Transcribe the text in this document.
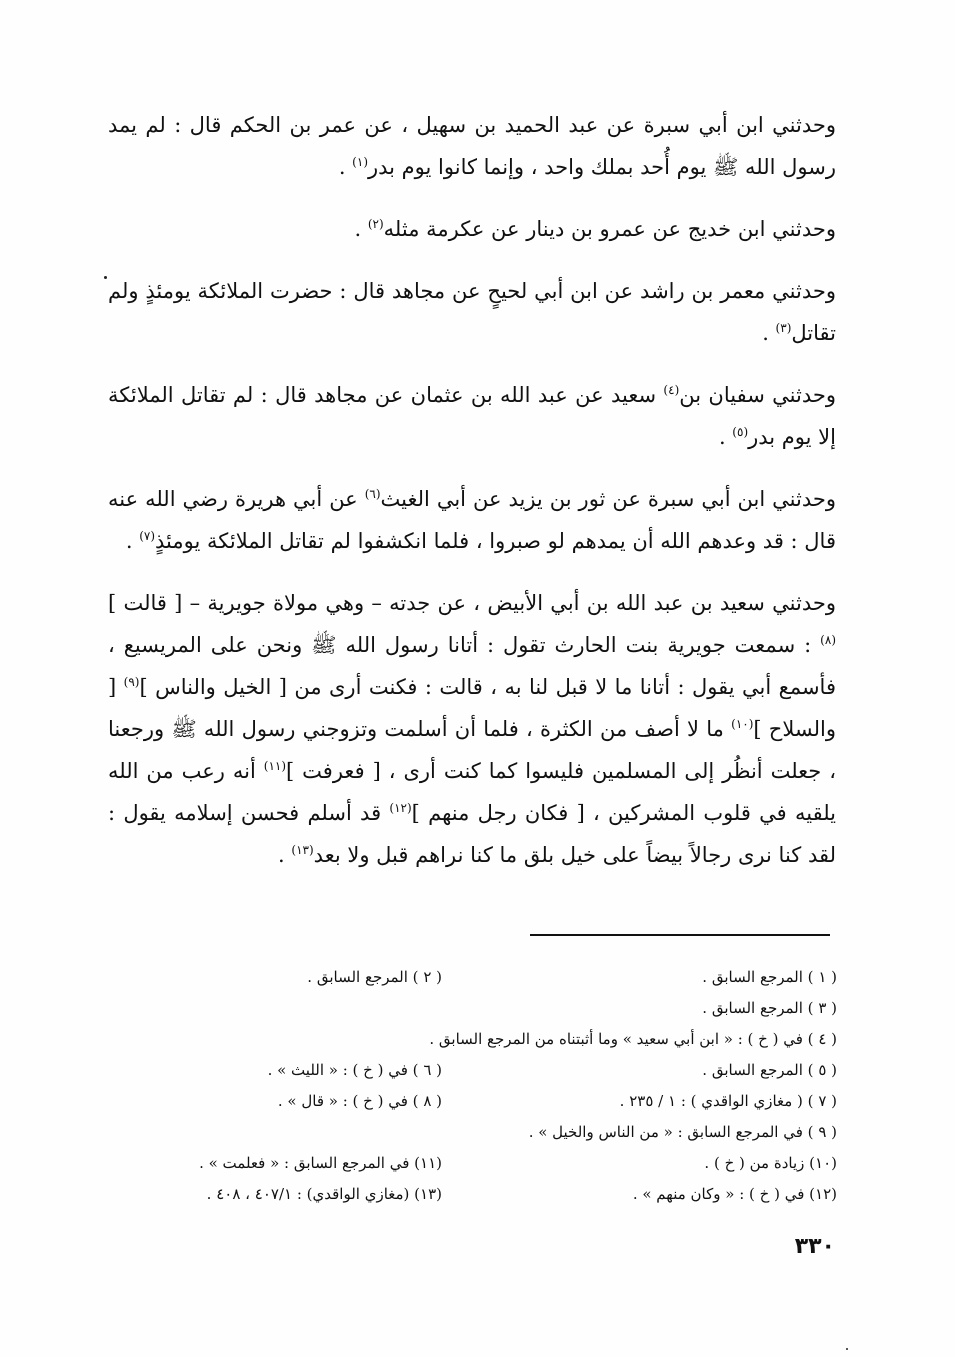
وحدثني ابن أبي سبرة عن عبد الحميد بن سهيل ، عن عمر بن الحكم قال : لم يمد رسول الله ﷺ يوم أُحد بملك واحد ، وإنما كانوا يوم بدر$^{(١)}$ .

وحدثني ابن خديج عن عمرو بن دينار عن عكرمة مثله$^{(٢)}$ .

وحدثني معمر بن راشد عن ابن أبي لحيحٍ عن مجاهد قال : حضرت الملائكة يومئذٍ ولم تقاتل$^{(٣)}$ .

وحدثني سفيان بن$^{(٤)}$ سعيد عن عبد الله بن عثمان عن مجاهد قال : لم تقاتل الملائكة إلا يوم بدر$^{(٥)}$ .

وحدثني ابن أبي سبرة عن ثور بن يزيد عن أبي الغيث$^{(٦)}$ عن أبي هريرة رضي الله عنه قال : قد وعدهم الله أن يمدهم لو صبروا ، فلما انكشفوا لم تقاتل الملائكة يومئذٍ$^{(٧)}$ .

وحدثني سعيد بن عبد الله بن أبي الأبيض ، عن جدته – وهي مولاة جويرية – [ قالت ]$^{(٨)}$ : سمعت جويرية بنت الحارث تقول : أتانا رسول الله ﷺ ونحن على المريسيع ، فأسمع أبي يقول : أتانا ما لا قبل لنا به ، قالت : فكنت أرى من [ الخيل والناس ]$^{(٩)}$ [ والسلاح ]$^{(١٠)}$ ما لا أصف من الكثرة ، فلما أن أسلمت وتزوجني رسول الله ﷺ ورجعنا ، جعلت أنظُر إلى المسلمين فليسوا كما كنت أرى ، [ فعرفت ]$^{(١١)}$ أنه رعب من الله يلقيه في قلوب المشركين ، [ فكان رجل منهم ]$^{(١٢)}$ قد أسلم فحسن إسلامه يقول : لقد كنا نرى رجالاً بيضاً على خيل بلق ما كنا نراهم قبل ولا بعد$^{(١٣)}$ .

( ١ ) المرجع السابق .
( ٢ ) المرجع السابق .
( ٣ ) المرجع السابق .
( ٤ ) في ( خ ) : « ابن أبي سعيد » وما أثبتناه من المرجع السابق .
( ٥ ) المرجع السابق .
( ٦ ) في ( خ ) : « الليث » .
( ٧ ) ( مغازي الواقدي ) : ١ / ٢٣٥ .
( ٨ ) في ( خ ) : « قال » .
( ٩ ) في المرجع السابق : « من الناس والخيل » .
(١٠) زيادة من ( خ ) .
(١١) في المرجع السابق : « فعلمت » .
(١٢) في ( خ ) : « وكان منهم » .
(١٣) (مغازي الواقدي) : ٤٠٧/١ ، ٤٠٨ .
٣٣٠
